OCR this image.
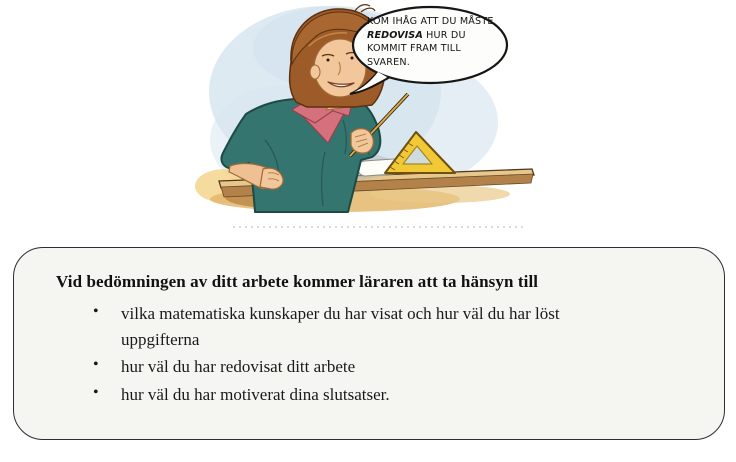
KOM IHÅG ATT DU MÅSTE REDOVISA HUR DU KOMMIT FRAM TILL SVAREN.
Vid bedömningen av ditt arbete kommer läraren att ta hänsyn till
• vilka matematiska kunskaper du har visat och hur väl du har löst uppgifterna
• hur väl du har redovisat ditt arbete
• hur väl du har motiverat dina slutsatser.
